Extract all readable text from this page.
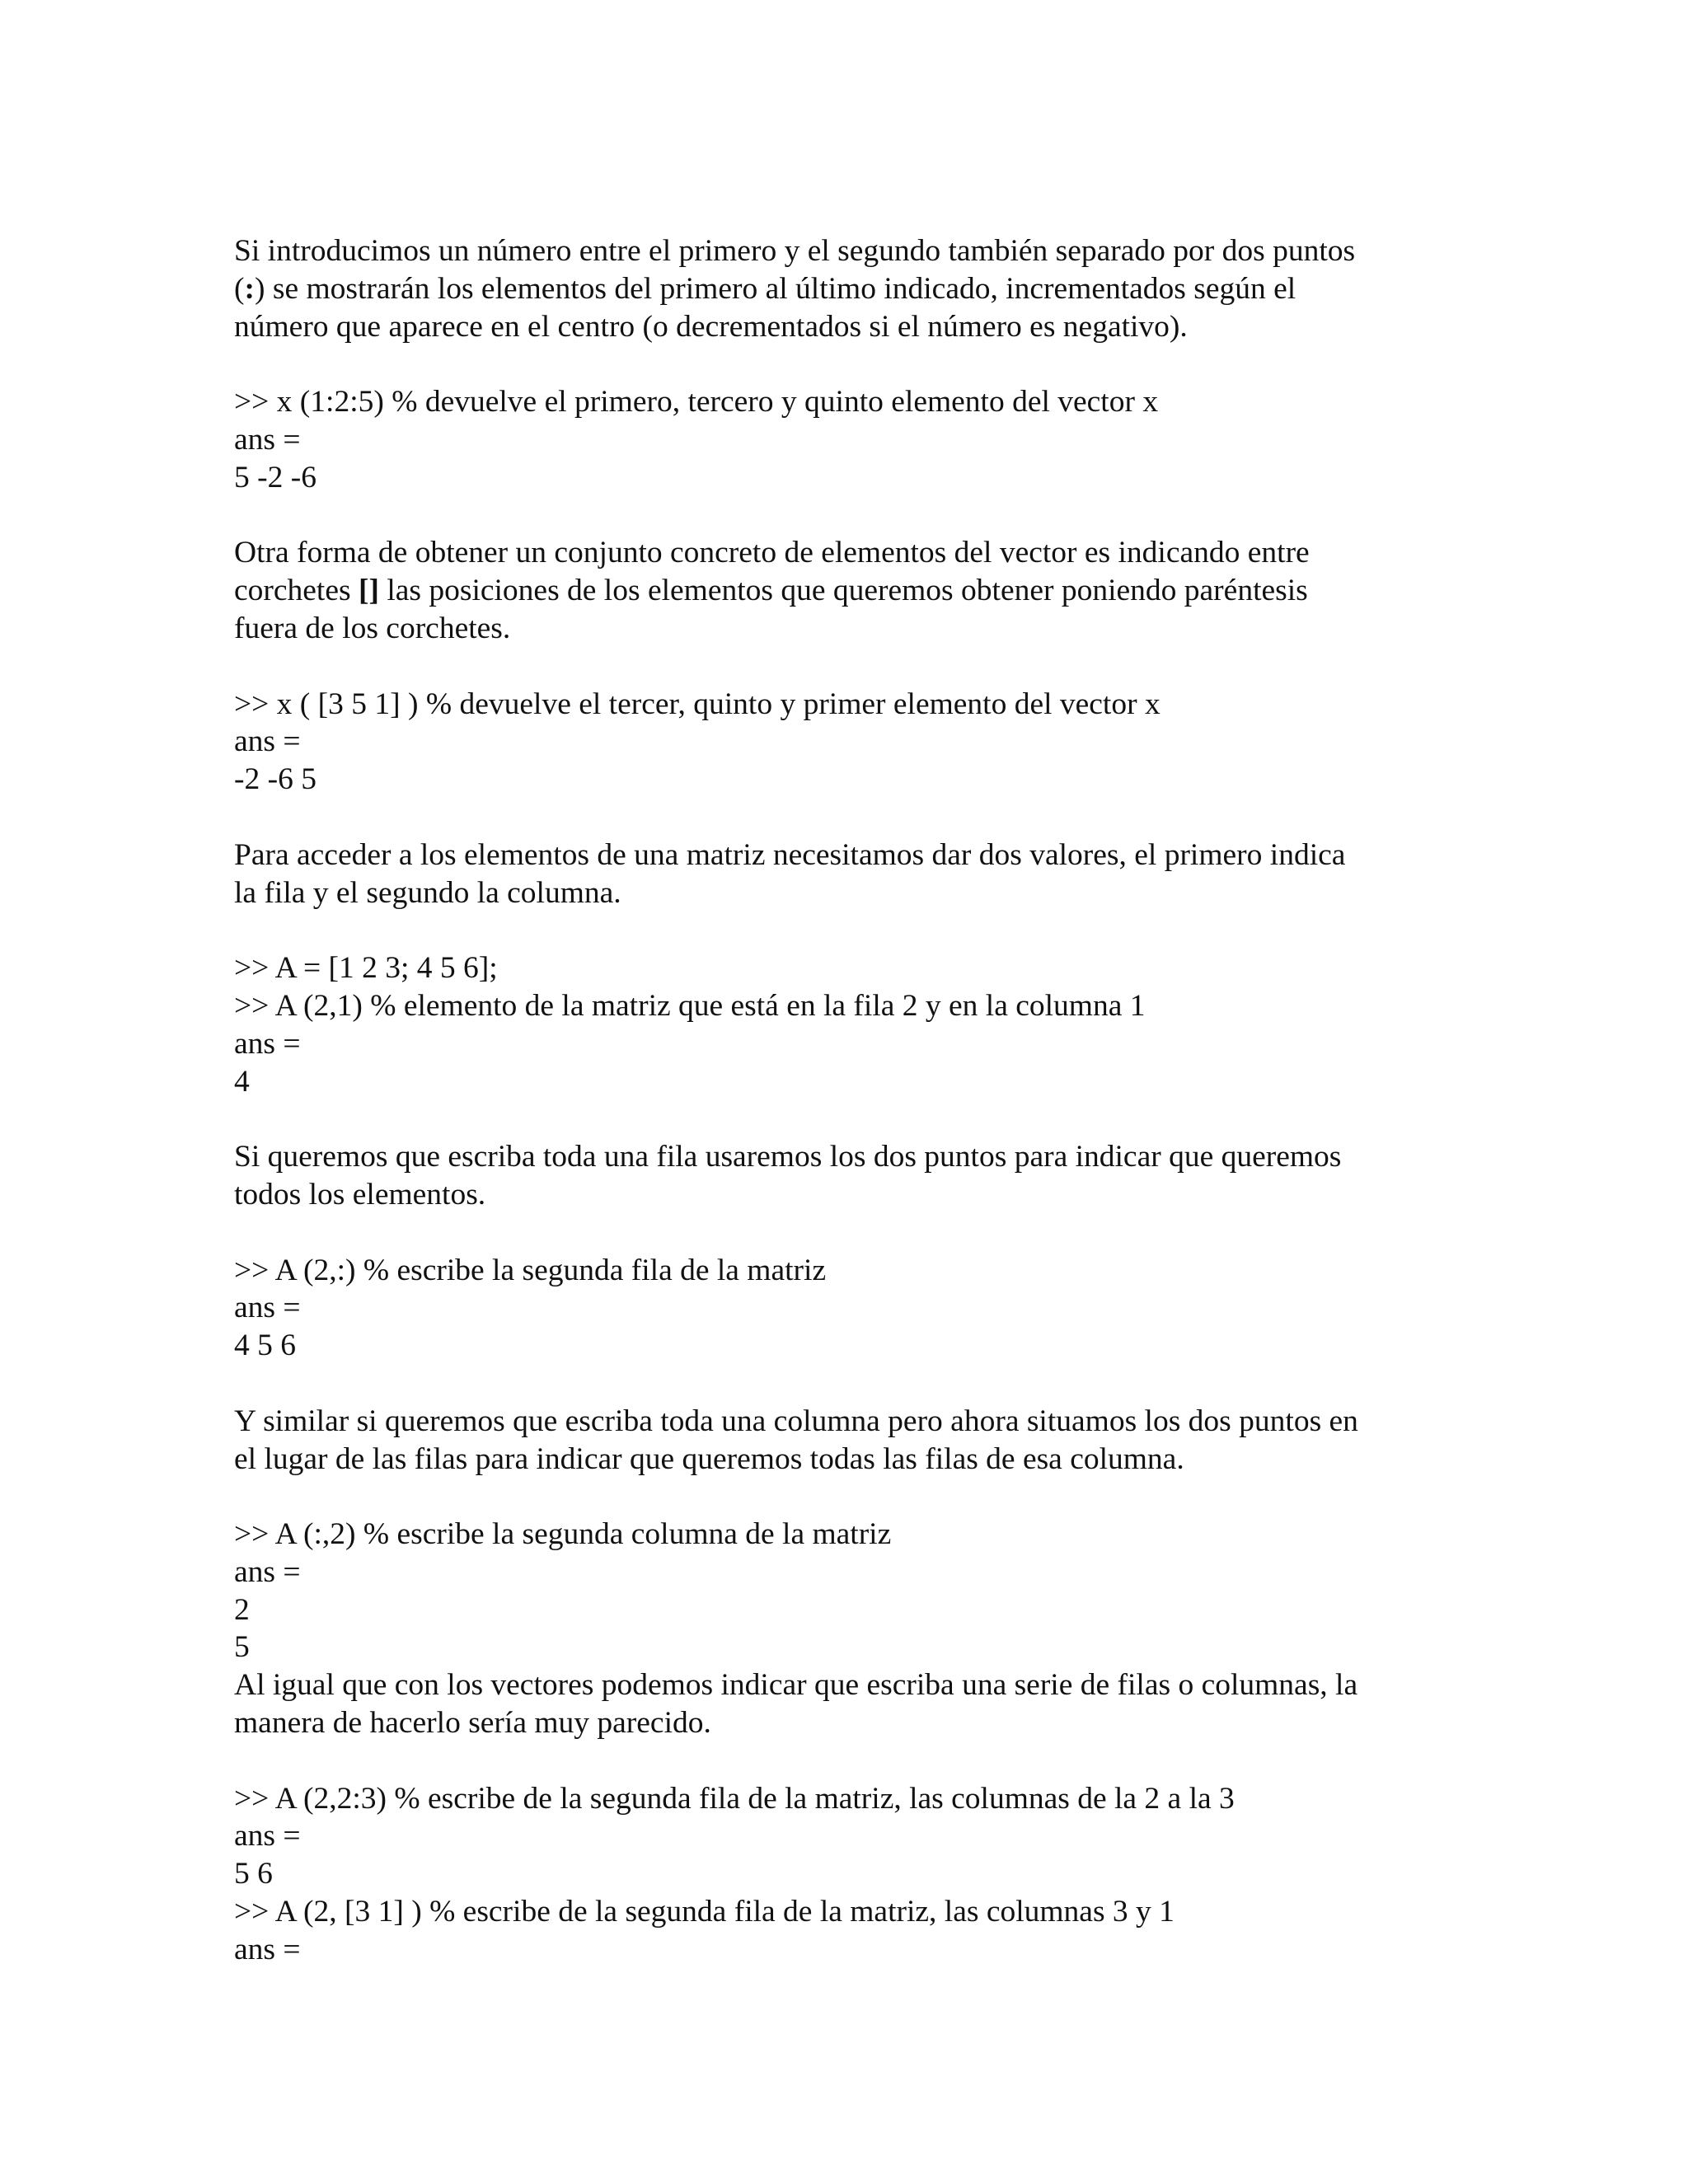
Si introducimos un número entre el primero y el segundo también separado por dos puntos
(:) se mostrarán los elementos del primero al último indicado, incrementados según el
número que aparece en el centro (o decrementados si el número es negativo).
>> x (1:2:5) % devuelve el primero, tercero y quinto elemento del vector x
ans =
5 -2 -6
Otra forma de obtener un conjunto concreto de elementos del vector es indicando entre
corchetes [] las posiciones de los elementos que queremos obtener poniendo paréntesis
fuera de los corchetes.
>> x ( [3 5 1] ) % devuelve el tercer, quinto y primer elemento del vector x
ans =
-2 -6 5
Para acceder a los elementos de una matriz necesitamos dar dos valores, el primero indica
la fila y el segundo la columna.
>> A = [1 2 3; 4 5 6];
>> A (2,1) % elemento de la matriz que está en la fila 2 y en la columna 1
ans =
4
Si queremos que escriba toda una fila usaremos los dos puntos para indicar que queremos
todos los elementos.
>> A (2,:) % escribe la segunda fila de la matriz
ans =
4 5 6
Y similar si queremos que escriba toda una columna pero ahora situamos los dos puntos en
el lugar de las filas para indicar que queremos todas las filas de esa columna.
>> A (:,2) % escribe la segunda columna de la matriz
ans =
2
5
Al igual que con los vectores podemos indicar que escriba una serie de filas o columnas, la
manera de hacerlo sería muy parecido.
>> A (2,2:3) % escribe de la segunda fila de la matriz, las columnas de la 2 a la 3
ans =
5 6
>> A (2, [3 1] ) % escribe de la segunda fila de la matriz, las columnas 3 y 1
ans =
